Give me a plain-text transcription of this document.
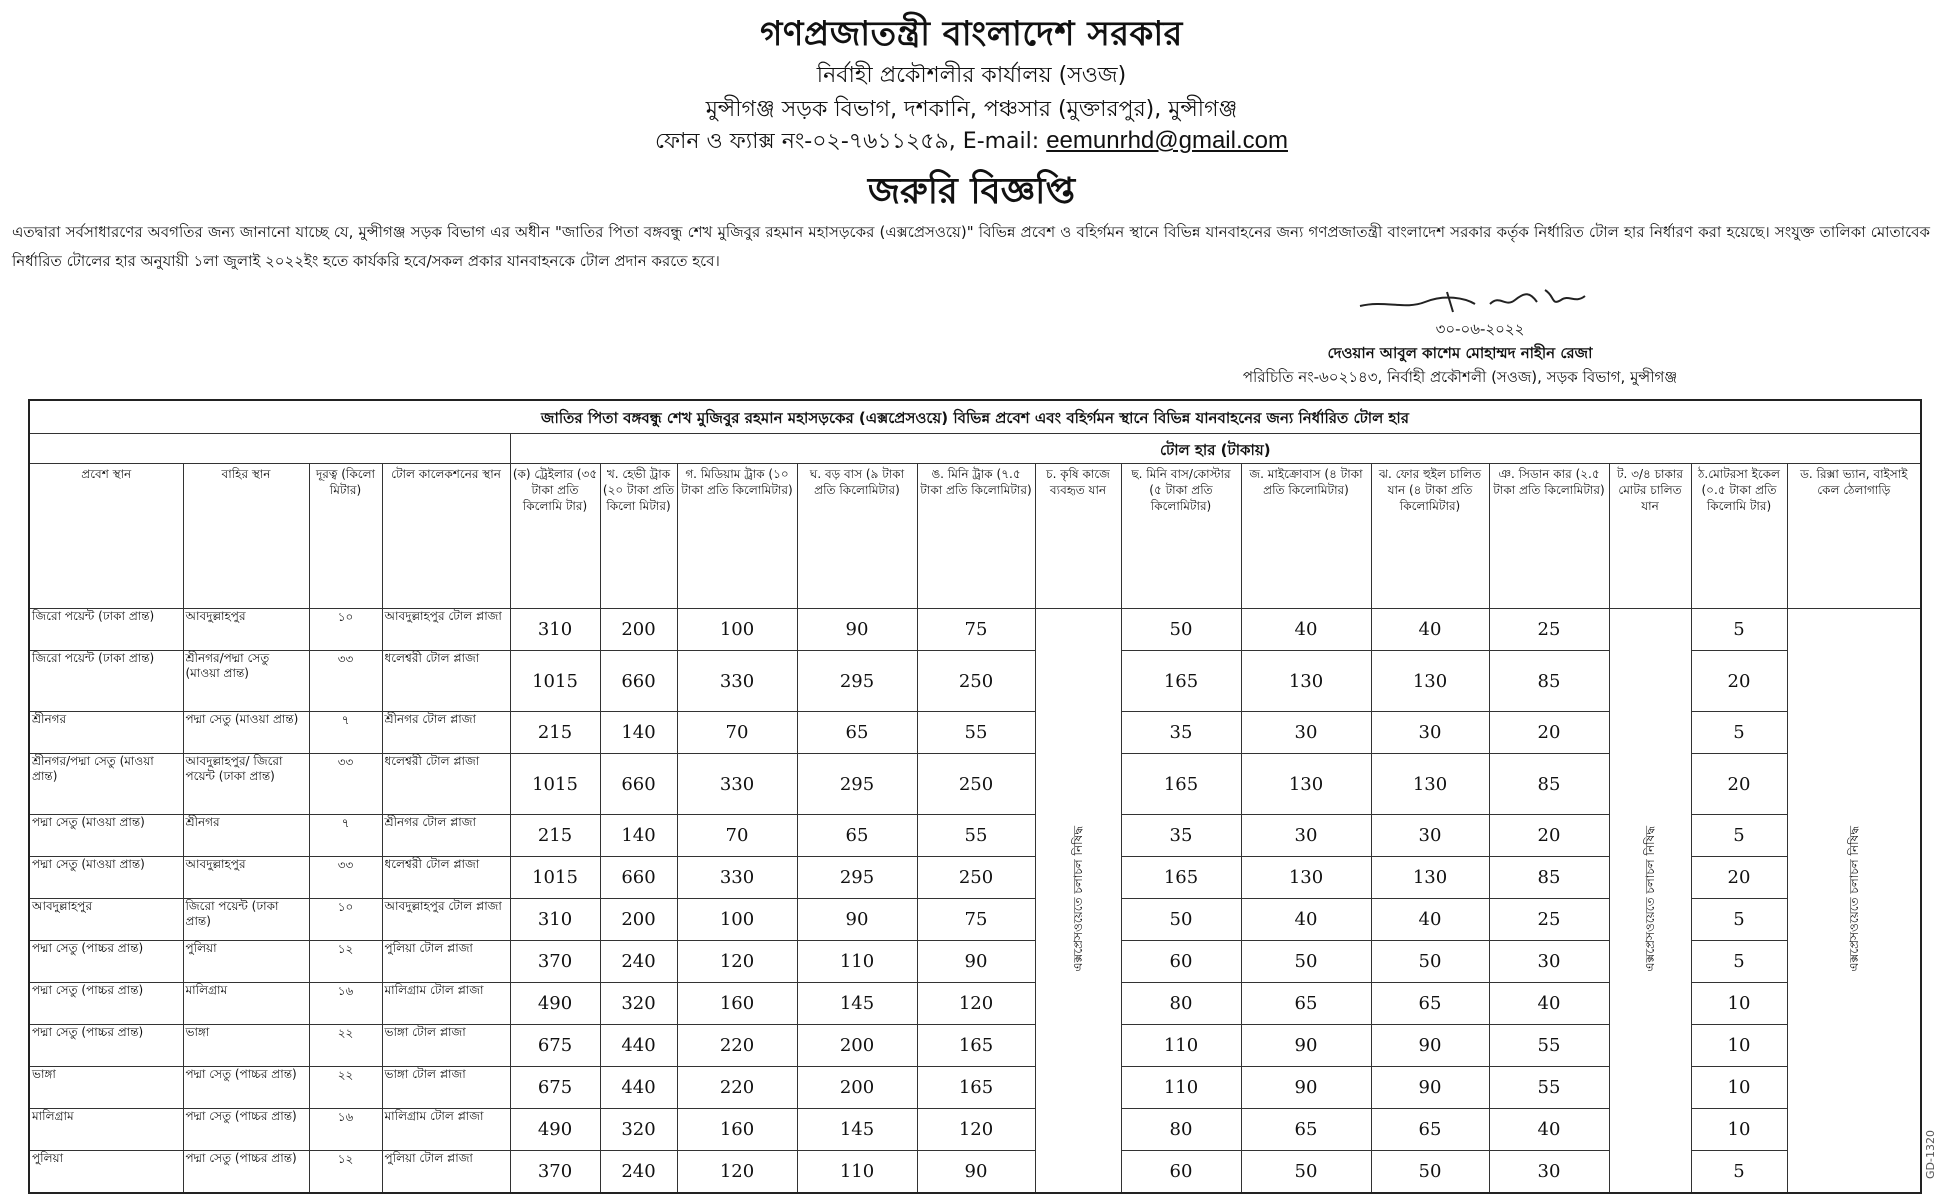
গণপ্রজাতন্ত্রী বাংলাদেশ সরকার
নির্বাহী প্রকৌশলীর কার্যালয় (সওজ)
মুন্সীগঞ্জ সড়ক বিভাগ, দশকানি, পঞ্চসার (মুক্তারপুর), মুন্সীগঞ্জ
ফোন ও ফ্যাক্স নং-০২-৭৬১১২৫৯, E-mail: eemunrhd@gmail.com
জরুরি বিজ্ঞপ্তি
এতদ্বারা সর্বসাধারণের অবগতির জন্য জানানো যাচ্ছে যে, মুন্সীগঞ্জ সড়ক বিভাগ এর অধীন "জাতির পিতা বঙ্গবন্ধু শেখ মুজিবুর রহমান মহাসড়কের (এক্সপ্রেসওয়ে)" বিভিন্ন প্রবেশ ও বহির্গমন স্থানে বিভিন্ন যানবাহনের জন্য গণপ্রজাতন্ত্রী বাংলাদেশ সরকার কর্তৃক নির্ধারিত টোল হার নির্ধারণ করা হয়েছে। সংযুক্ত তালিকা মোতাবেক নির্ধারিত টোলের হার অনুযায়ী ১লা জুলাই ২০২২ইং হতে কার্যকরি হবে/সকল প্রকার যানবাহনকে টোল প্রদান করতে হবে।
৩০-০৬-২০২২
দেওয়ান আবুল কাশেম মোহাম্মদ নাহীন রেজা
পরিচিতি নং-৬০২১৪৩, নির্বাহী প্রকৌশলী (সওজ), সড়ক বিভাগ, মুন্সীগঞ্জ
জাতির পিতা বঙ্গবন্ধু শেখ মুজিবুর রহমান মহাসড়কের (এক্সপ্রেসওয়ে) বিভিন্ন প্রবেশ এবং বহির্গমন স্থানে বিভিন্ন যানবাহনের জন্য নির্ধারিত টোল হার																
				টোল হার (টাকায়)												
প্রবেশ স্থান	বাহির স্থান	দূরত্ব (কিলো মিটার)	টোল কালেকশনের স্থান	(ক) ট্রেইলার (৩৫ টাকা প্রতি কিলোমি টার)	খ. হেভী ট্রাক (২০ টাকা প্রতি কিলো মিটার)	গ. মিডিয়াম ট্রাক (১০ টাকা প্রতি কিলোমিটার)	ঘ. বড় বাস (৯ টাকা প্রতি কিলোমিটার)	ঙ. মিনি ট্রাক (৭.৫ টাকা প্রতি কিলোমিটার)	চ. কৃষি কাজে ব্যবহৃত যান	ছ. মিনি বাস/কোস্টার (৫ টাকা প্রতি কিলোমিটার)	জ. মাইক্রোবাস (৪ টাকা প্রতি কিলোমিটার)	ঝ. ফোর হুইল চালিত যান (৪ টাকা প্রতি কিলোমিটার)	ঞ. সিডান কার (২.৫ টাকা প্রতি কিলোমিটার)	ট. ৩/৪ চাকার মোটর চালিত যান	ঠ.মোটরসা ইকেল (০.৫ টাকা প্রতি কিলোমি টার)	ড. রিক্সা ভ্যান, বাইসাই কেল ঠেলাগাড়ি
জিরো পয়েন্ট (ঢাকা প্রান্ত)	আবদুল্লাহপুর	১০	আবদুল্লাহপুর টোল প্লাজা	310	200	100	90	75	এক্সপ্রেসওয়েতে চলাচল নিষিদ্ধ	50	40	40	25	এক্সপ্রেসওয়েতে চলাচল নিষিদ্ধ	5	এক্সপ্রেসওয়েতে চলাচল নিষিদ্ধ
জিরো পয়েন্ট (ঢাকা প্রান্ত)	শ্রীনগর/পদ্মা সেতু (মাওয়া প্রান্ত)	৩৩	ধলেশ্বরী টোল প্লাজা	1015	660	330	295	250		165	130	130	85		20	
শ্রীনগর	পদ্মা সেতু (মাওয়া প্রান্ত)	৭	শ্রীনগর টোল প্লাজা	215	140	70	65	55		35	30	30	20		5	
শ্রীনগর/পদ্মা সেতু (মাওয়া প্রান্ত)	আবদুল্লাহপুর/ জিরো পয়েন্ট (ঢাকা প্রান্ত)	৩৩	ধলেশ্বরী টোল প্লাজা	1015	660	330	295	250		165	130	130	85		20	
পদ্মা সেতু (মাওয়া প্রান্ত)	শ্রীনগর	৭	শ্রীনগর টোল প্লাজা	215	140	70	65	55		35	30	30	20		5	
পদ্মা সেতু (মাওয়া প্রান্ত)	আবদুল্লাহপুর	৩৩	ধলেশ্বরী টোল প্লাজা	1015	660	330	295	250		165	130	130	85		20	
আবদুল্লাহপুর	জিরো পয়েন্ট (ঢাকা প্রান্ত)	১০	আবদুল্লাহপুর টোল প্লাজা	310	200	100	90	75		50	40	40	25		5	
পদ্মা সেতু (পাচ্চর প্রান্ত)	পুলিয়া	১২	পুলিয়া টোল প্লাজা	370	240	120	110	90		60	50	50	30		5	
পদ্মা সেতু (পাচ্চর প্রান্ত)	মালিগ্রাম	১৬	মালিগ্রাম টোল প্লাজা	490	320	160	145	120		80	65	65	40		10	
পদ্মা সেতু (পাচ্চর প্রান্ত)	ভাঙ্গা	২২	ভাঙ্গা টোল প্লাজা	675	440	220	200	165		110	90	90	55		10	
ভাঙ্গা	পদ্মা সেতু (পাচ্চর প্রান্ত)	২২	ভাঙ্গা টোল প্লাজা	675	440	220	200	165		110	90	90	55		10	
মালিগ্রাম	পদ্মা সেতু (পাচ্চর প্রান্ত)	১৬	মালিগ্রাম টোল প্লাজা	490	320	160	145	120		80	65	65	40		10	
পুলিয়া	পদ্মা সেতু (পাচ্চর প্রান্ত)	১২	পুলিয়া টোল প্লাজা	370	240	120	110	90		60	50	50	30		5		GD-1320
